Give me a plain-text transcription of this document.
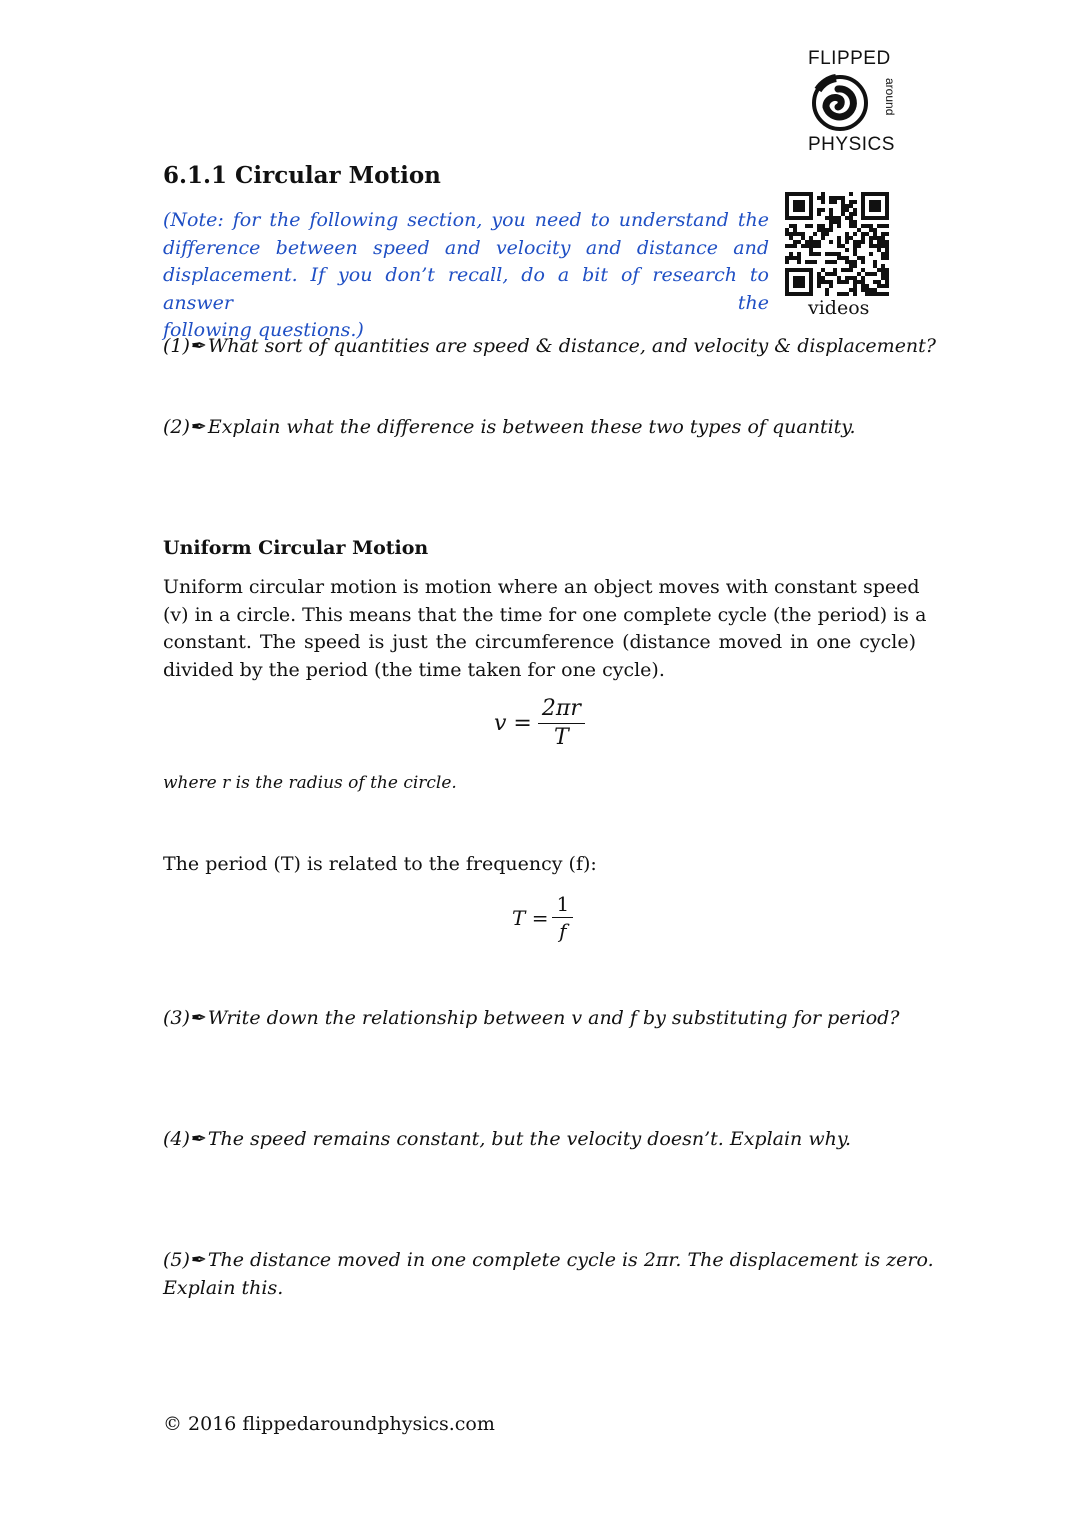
FLIPPED
around
PHYSICS
6.1.1 Circular Motion
videos
(Note: for the following section, you need to understand the
difference between speed and velocity and distance and
displacement. If you don’t recall, do a bit of research to answer the
following questions.)
(1)✒What sort of quantities are speed & distance, and velocity & displacement?
(2)✒Explain what the difference is between these two types of quantity.
Uniform Circular Motion
Uniform circular motion is motion where an object moves with constant speed
(v) in a circle. This means that the time for one complete cycle (the period) is a
constant. The speed is just the circumference (distance moved in one cycle)
divided by the period (the time taken for one cycle).
$v = \frac{2\pi r}{T}$
where r is the radius of the circle.
The period (T) is related to the frequency (f):
$T = \frac{1}{f}$
(3)✒Write down the relationship between v and f by substituting for period?
(4)✒The speed remains constant, but the velocity doesn’t. Explain why.
(5)✒The distance moved in one complete cycle is 2πr. The displacement is zero.
Explain this.
© 2016 flippedaroundphysics.com
